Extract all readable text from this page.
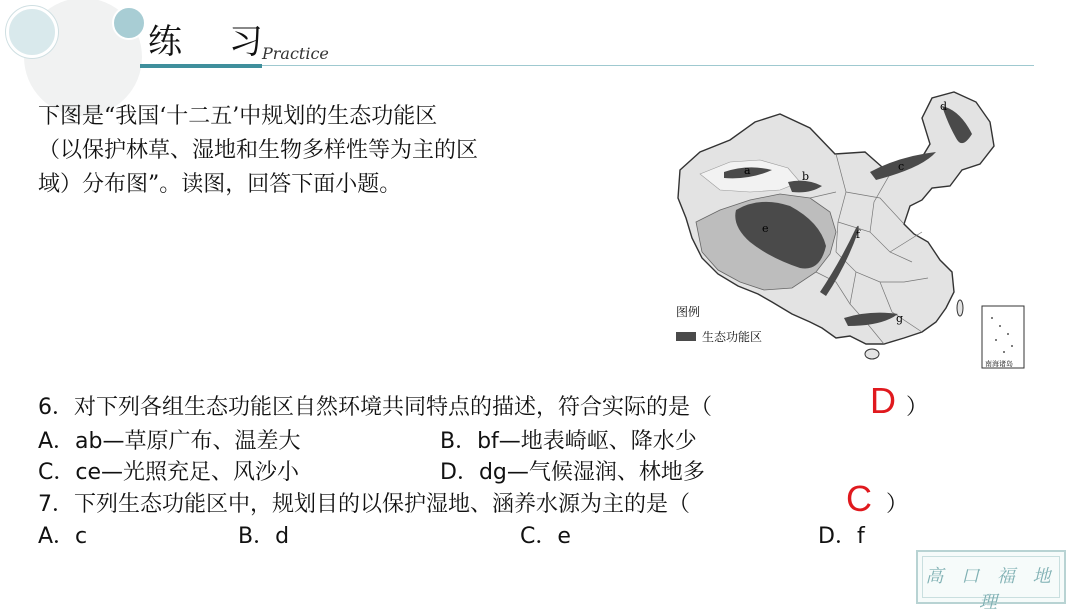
练 习
Practice
下图是“我国‘十二五’中规划的生态功能区
（以保护林草、湿地和生物多样性等为主的区
域）分布图”。读图，回答下面小题。
a	b
c
d
e	f
g
图例
生态功能区
南海诸岛
6．对下列各组生态功能区自然环境共同特点的描述，符合实际的是（	D ）
A．ab—草原广布、温差大	B．bf—地表崎岖、降水少
C．ce—光照充足、风沙小	D．dg—气候湿润、林地多
7．下列生态功能区中，规划目的以保护湿地、涵养水源为主的是（	C ）
A．c	B．d	C．e	D．f
高 口 福 地 理
